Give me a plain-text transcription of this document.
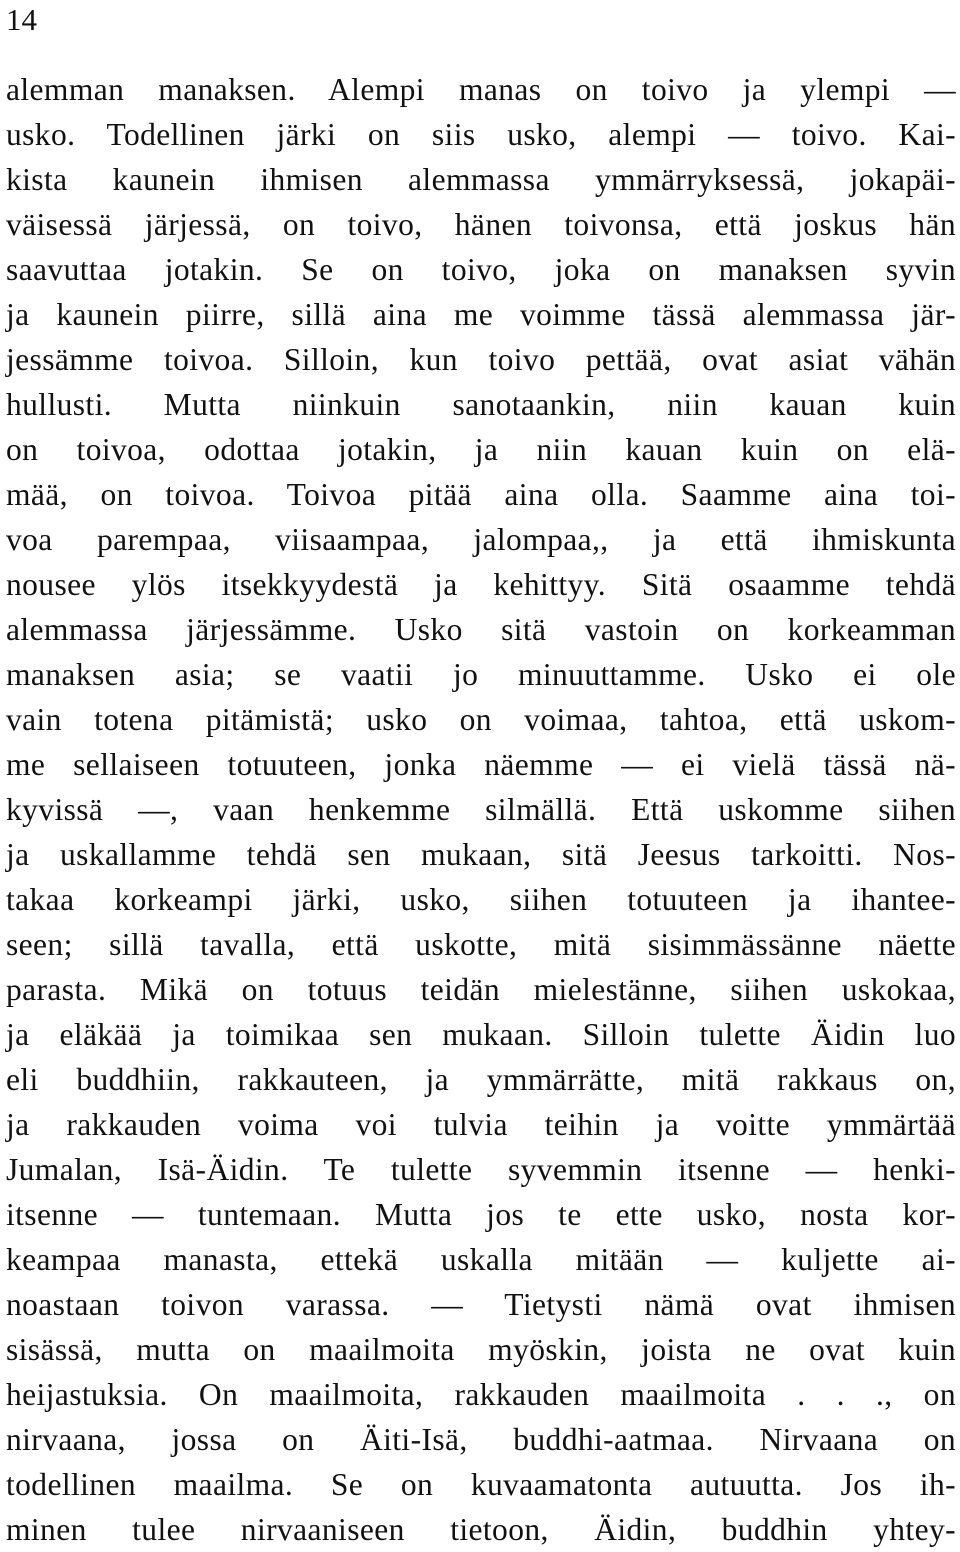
14
alemman manaksen. Alempi manas on toivo ja ylempi —
usko. Todellinen järki on siis usko, alempi — toivo. Kai-
kista kaunein ihmisen alemmassa ymmärryksessä, jokapäi-
väisessä järjessä, on toivo, hänen toivonsa, että joskus hän
saavuttaa jotakin. Se on toivo, joka on manaksen syvin
ja kaunein piirre, sillä aina me voimme tässä alemmassa jär-
jessämme toivoa. Silloin, kun toivo pettää, ovat asiat vähän
hullusti. Mutta niinkuin sanotaankin, niin kauan kuin
on toivoa, odottaa jotakin, ja niin kauan kuin on elä-
mää, on toivoa. Toivoa pitää aina olla. Saamme aina toi-
voa parempaa, viisaampaa, jalompaa,, ja että ihmiskunta
nousee ylös itsekkyydestä ja kehittyy. Sitä osaamme tehdä
alemmassa järjessämme. Usko sitä vastoin on korkeamman
manaksen asia; se vaatii jo minuuttamme. Usko ei ole
vain totena pitämistä; usko on voimaa, tahtoa, että uskom-
me sellaiseen totuuteen, jonka näemme — ei vielä tässä nä-
kyvissä —, vaan henkemme silmällä. Että uskomme siihen
ja uskallamme tehdä sen mukaan, sitä Jeesus tarkoitti. Nos-
takaa korkeampi järki, usko, siihen totuuteen ja ihantee-
seen; sillä tavalla, että uskotte, mitä sisimmässänne näette
parasta. Mikä on totuus teidän mielestänne, siihen uskokaa,
ja eläkää ja toimikaa sen mukaan. Silloin tulette Äidin luo
eli buddhiin, rakkauteen, ja ymmärrätte, mitä rakkaus on,
ja rakkauden voima voi tulvia teihin ja voitte ymmärtää
Jumalan, Isä-Äidin. Te tulette syvemmin itsenne — henki-
itsenne — tuntemaan. Mutta jos te ette usko, nosta kor-
keampaa manasta, ettekä uskalla mitään — kuljette ai-
noastaan toivon varassa. — Tietysti nämä ovat ihmisen
sisässä, mutta on maailmoita myöskin, joista ne ovat kuin
heijastuksia. On maailmoita, rakkauden maailmoita . . ., on
nirvaana, jossa on Äiti-Isä, buddhi-aatmaa. Nirvaana on
todellinen maailma. Se on kuvaamatonta autuutta. Jos ih-
minen tulee nirvaaniseen tietoon, Äidin, buddhin yhtey-
